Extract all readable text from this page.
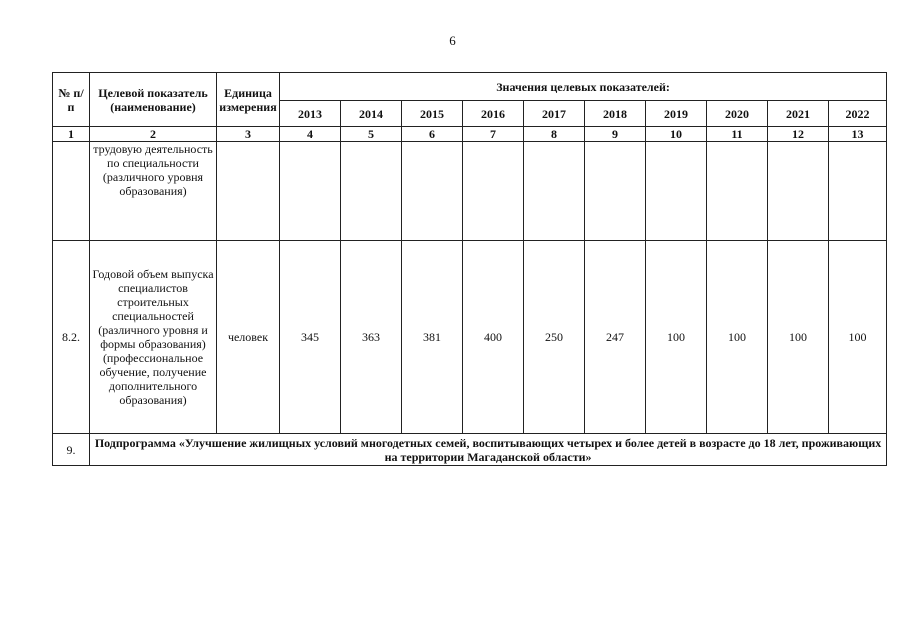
6
№ п/п	Целевой показатель (наименование)	Единица измерения	Значения целевых показателей:									
			2013	2014	2015	2016	2017	2018	2019	2020	2021	2022
1	2	3	4	5	6	7	8	9	10	11	12	13
	трудовую деятельность по специальности (различного уровня образования)											
8.2.	Годовой объем выпуска специалистов строительных специальностей (различного уровня и формы образования) (профессиональное обучение, получение дополнительного образования)	человек	345	363	381	400	250	247	100	100	100	100
9.	Подпрограмма «Улучшение жилищных условий многодетных семей, воспитывающих четырех и более детей в возрасте до 18 лет, проживающих на территории Магаданской области»											
